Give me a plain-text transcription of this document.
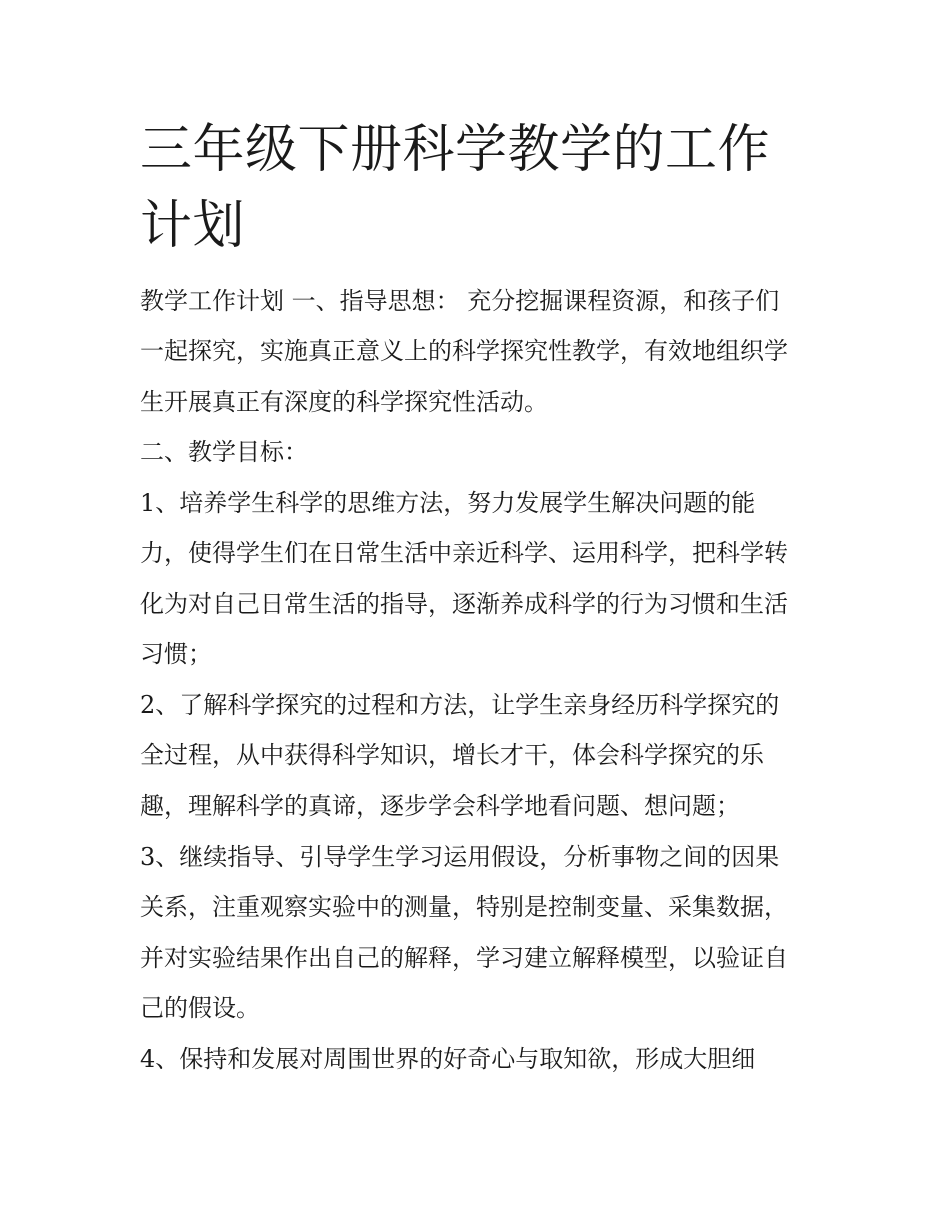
三年级下册科学教学的工作计划

教学工作计划 一、指导思想： 充分挖掘课程资源，和孩子们

一起探究，实施真正意义上的科学探究性教学，有效地组织学

生开展真正有深度的科学探究性活动。

二、教学目标：

1、培养学生科学的思维方法，努力发展学生解决问题的能

力，使得学生们在日常生活中亲近科学、运用科学，把科学转

化为对自己日常生活的指导，逐渐养成科学的行为习惯和生活

习惯；

2、了解科学探究的过程和方法，让学生亲身经历科学探究的

全过程，从中获得科学知识，增长才干，体会科学探究的乐

趣，理解科学的真谛，逐步学会科学地看问题、想问题；

3、继续指导、引导学生学习运用假设，分析事物之间的因果

关系，注重观察实验中的测量，特别是控制变量、采集数据，

并对实验结果作出自己的解释，学习建立解释模型，以验证自

己的假设。

4、保持和发展对周围世界的好奇心与取知欲，形成大胆细
